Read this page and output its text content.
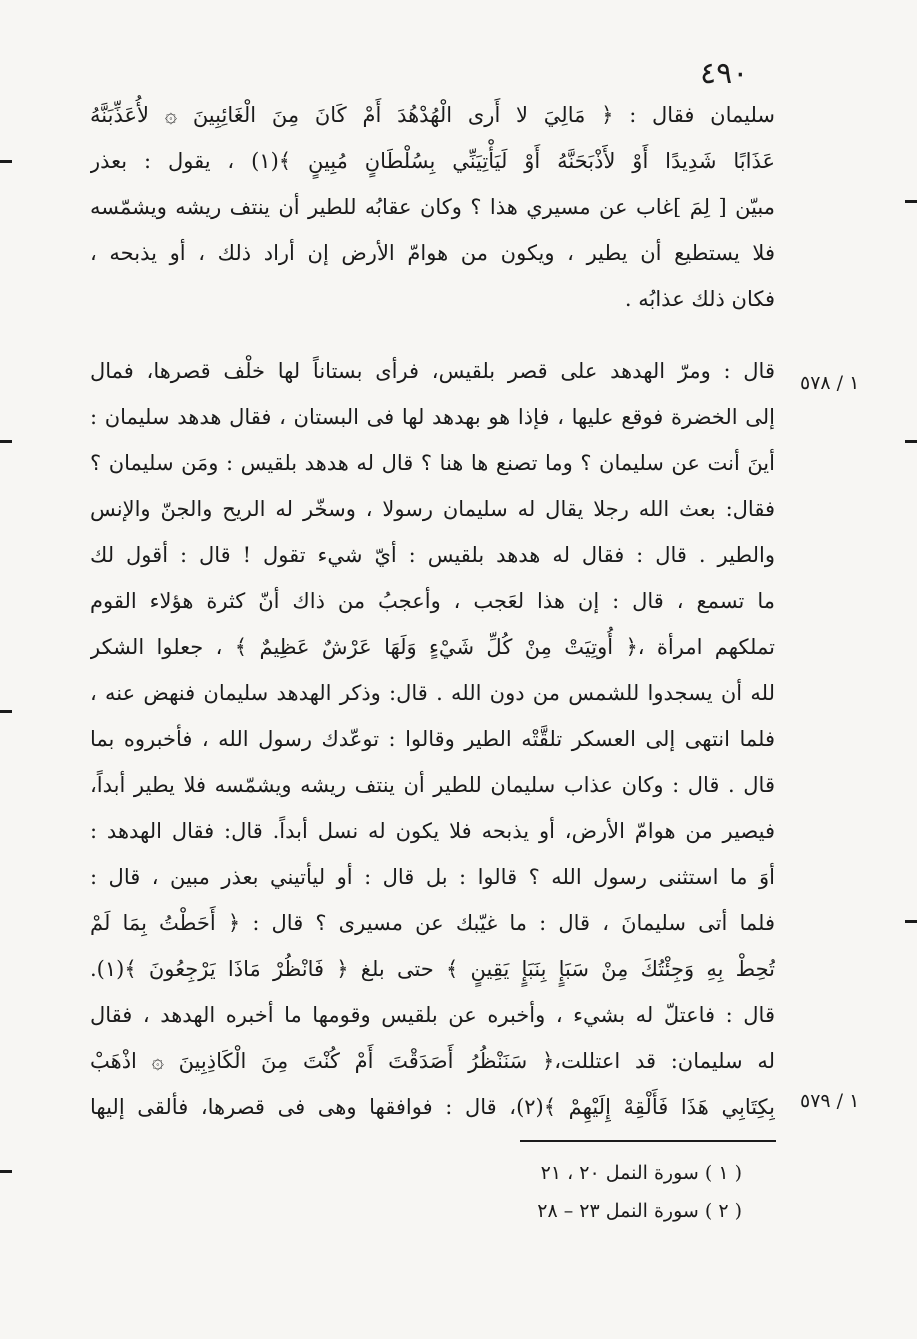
٤٩٠
سليمان فقال : ﴿ مَالِيَ لا أَرى الْهُدْهُدَ أَمْ كَانَ مِنَ الْغَائِبِينَ ۞ لأُعَذِّبَنَّهُ
عَذَابًا شَدِيدًا أَوْ لأَذْبَحَنَّهُ أَوْ لَيَأْتِيَنِّي بِسُلْطَانٍ مُبِينٍ ﴾(١) ، يقول : بعذر
مبيّن [ لِمَ ]غاب عن مسيري هذا ؟ وكان عقابُه للطير أن ينتف ريشه ويشمّسه
فلا يستطيع أن يطير ، ويكون من هوامّ الأرض إن أراد ذلك ، أو يذبحه ،
فكان ذلك عذابُه .
قال : ومرّ الهدهد على قصر بلقيس، فرأى بستاناً لها خلْف قصرها، فمال
إلى الخضرة فوقع عليها ، فإذا هو بهدهد لها فى البستان ، فقال هدهد سليمان :
أينَ أنت عن سليمان ؟ وما تصنع ها هنا ؟ قال له هدهد بلقيس : ومَن سليمان ؟
فقال: بعث الله رجلا يقال له سليمان رسولا ، وسخّر له الريح والجنّ والإنس
والطير . قال : فقال له هدهد بلقيس : أيّ شيء تقول ! قال : أقول لك
ما تسمع ، قال : إن هذا لعَجب ، وأعجبُ من ذاك أنّ كثرة هؤلاء القوم
تملكهم امرأة ،﴿ أُوتِيَتْ مِنْ كُلِّ شَيْءٍ وَلَهَا عَرْشٌ عَظِيمٌ ﴾ ، جعلوا الشكر
لله أن يسجدوا للشمس من دون الله . قال: وذكر الهدهد سليمان فنهض عنه ،
فلما انتهى إلى العسكر تلقَّتْه الطير وقالوا : توعّدك رسول الله ، فأخبروه بما
قال . قال : وكان عذاب سليمان للطير أن ينتف ريشه ويشمّسه فلا يطير أبداً،
فيصير من هوامّ الأرض، أو يذبحه فلا يكون له نسل أبداً. قال: فقال الهدهد :
أوَ ما استثنى رسول الله ؟ قالوا : بل قال : أو ليأتيني بعذر مبين ، قال :
فلما أتى سليمانَ ، قال : ما غيّبك عن مسيرى ؟ قال : ﴿ أَحَطْتُ بِمَا لَمْ
تُحِطْ بِهِ وَجِئْتُكَ مِنْ سَبَإٍ بِنَبَإٍ يَقِينٍ ﴾ حتى بلغ ﴿ فَانْظُرْ مَاذَا يَرْجِعُونَ ﴾(١).
قال : فاعتلّ له بشيء ، وأخبره عن بلقيس وقومها ما أخبره الهدهد ، فقال
له سليمان: قد اعتللت،﴿ سَنَنْظُرُ أَصَدَقْتَ أَمْ كُنْتَ مِنَ الْكَاذِبِينَ ۞ اذْهَبْ
بِكِتَابِي هَذَا فَأَلْقِهْ إِلَيْهِمْ ﴾(٢)، قال : فوافقها وهى فى قصرها، فألقى إليها
١ / ٥٧٨
١ / ٥٧٩
( ١ ) سورة النمل ٢٠ ، ٢١
( ٢ ) سورة النمل ٢٣ – ٢٨
